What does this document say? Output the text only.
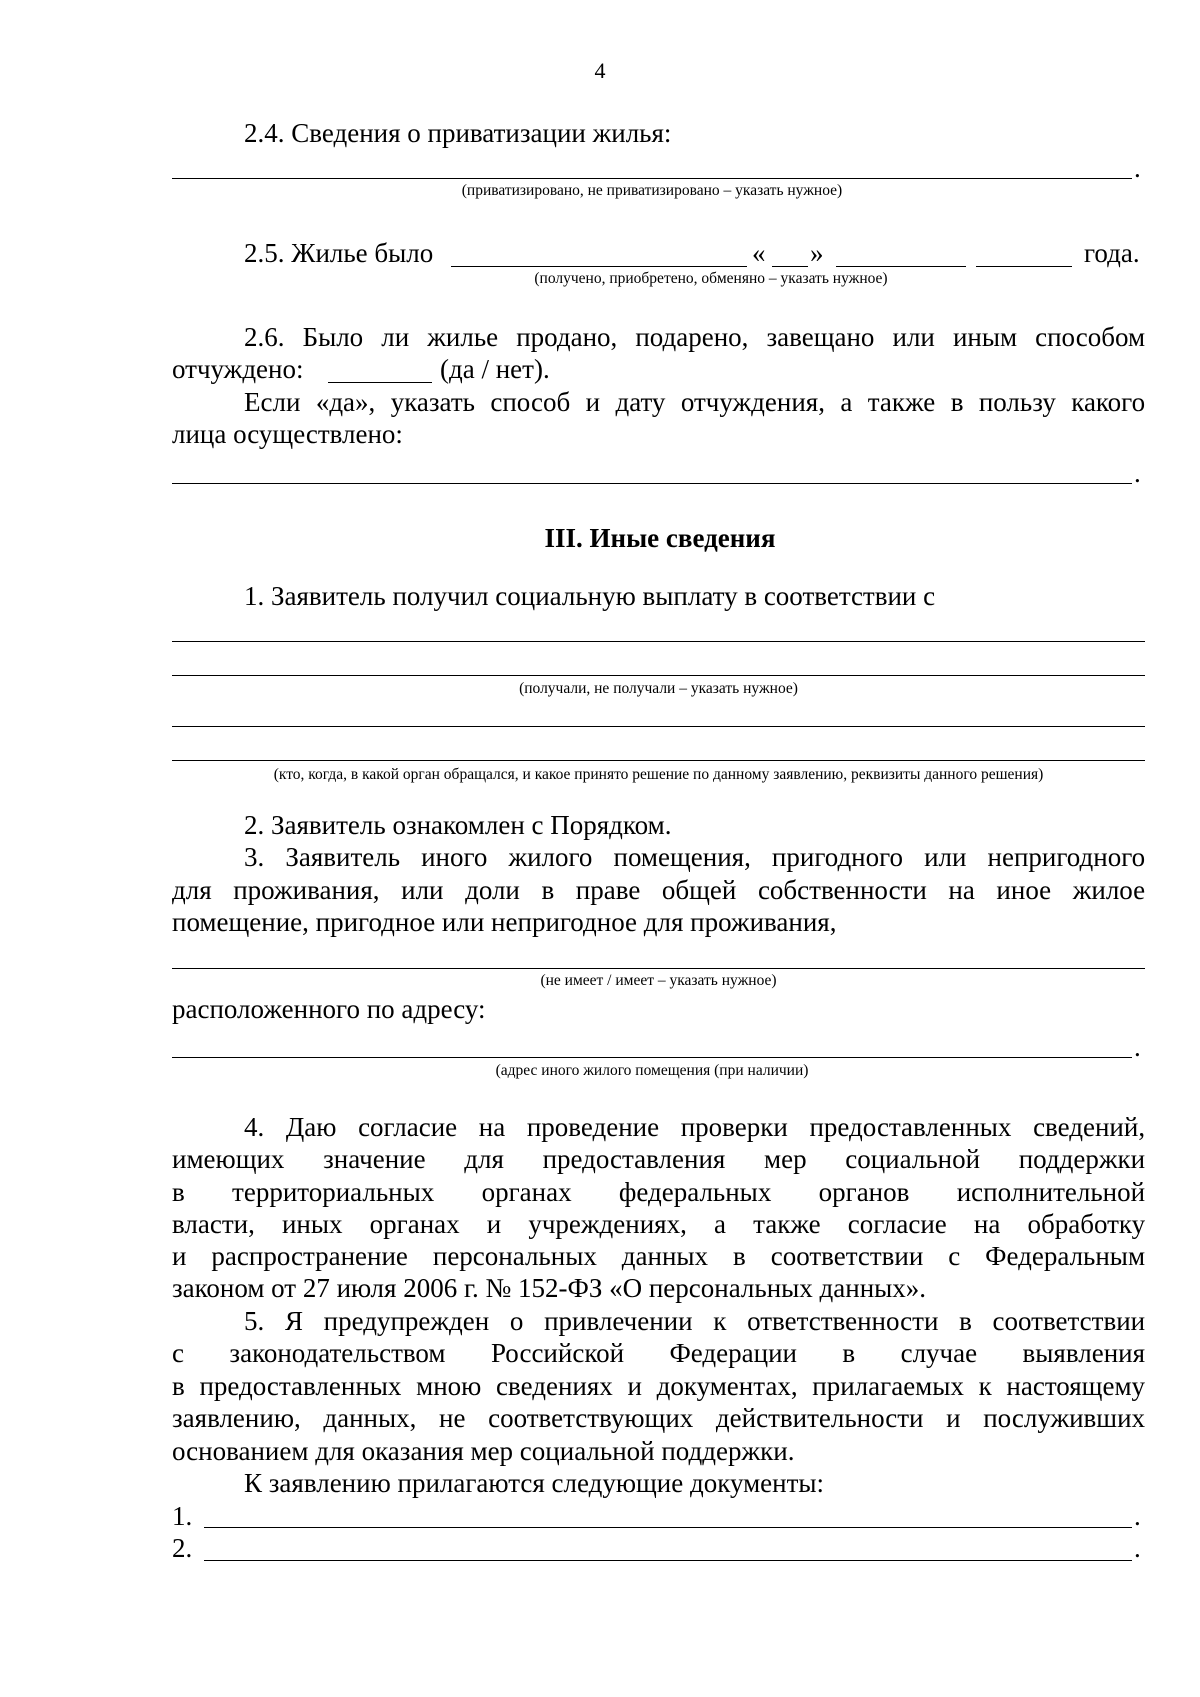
4
2.4. Сведения о приватизации жилья:
.
(приватизировано, не приватизировано – указать нужное)
2.5. Жилье было	« »	года.
(получено, приобретено, обменяно – указать нужное)
2.6. Было ли жилье продано, подарено, завещано или иным способом
отчуждено:	(да / нет).
Если «да», указать способ и дату отчуждения, а также в пользу какого
лица осуществлено:
.
III. Иные сведения
1. Заявитель получил социальную выплату в соответствии с
(получали, не получали – указать нужное)
(кто, когда, в какой орган обращался, и какое принято решение по данному заявлению, реквизиты данного решения)
2. Заявитель ознакомлен с Порядком.
3. Заявитель иного жилого помещения, пригодного или непригодного
для проживания, или доли в праве общей собственности на иное жилое
помещение, пригодное или непригодное для проживания,
(не имеет / имеет – указать нужное)
расположенного по адресу:
.
(адрес иного жилого помещения (при наличии)
4. Даю согласие на проведение проверки предоставленных сведений,
имеющих значение для предоставления мер социальной поддержки
в территориальных органах федеральных органов исполнительной
власти, иных органах и учреждениях, а также согласие на обработку
и распространение персональных данных в соответствии с Федеральным
законом от 27 июля 2006 г. № 152-ФЗ «О персональных данных».
5. Я предупрежден о привлечении к ответственности в соответствии
с законодательством Российской Федерации в случае выявления
в предоставленных мною сведениях и документах, прилагаемых к настоящему
заявлению, данных, не соответствующих действительности и послуживших
основанием для оказания мер социальной поддержки.
К заявлению прилагаются следующие документы:
1.	.
2.	.
